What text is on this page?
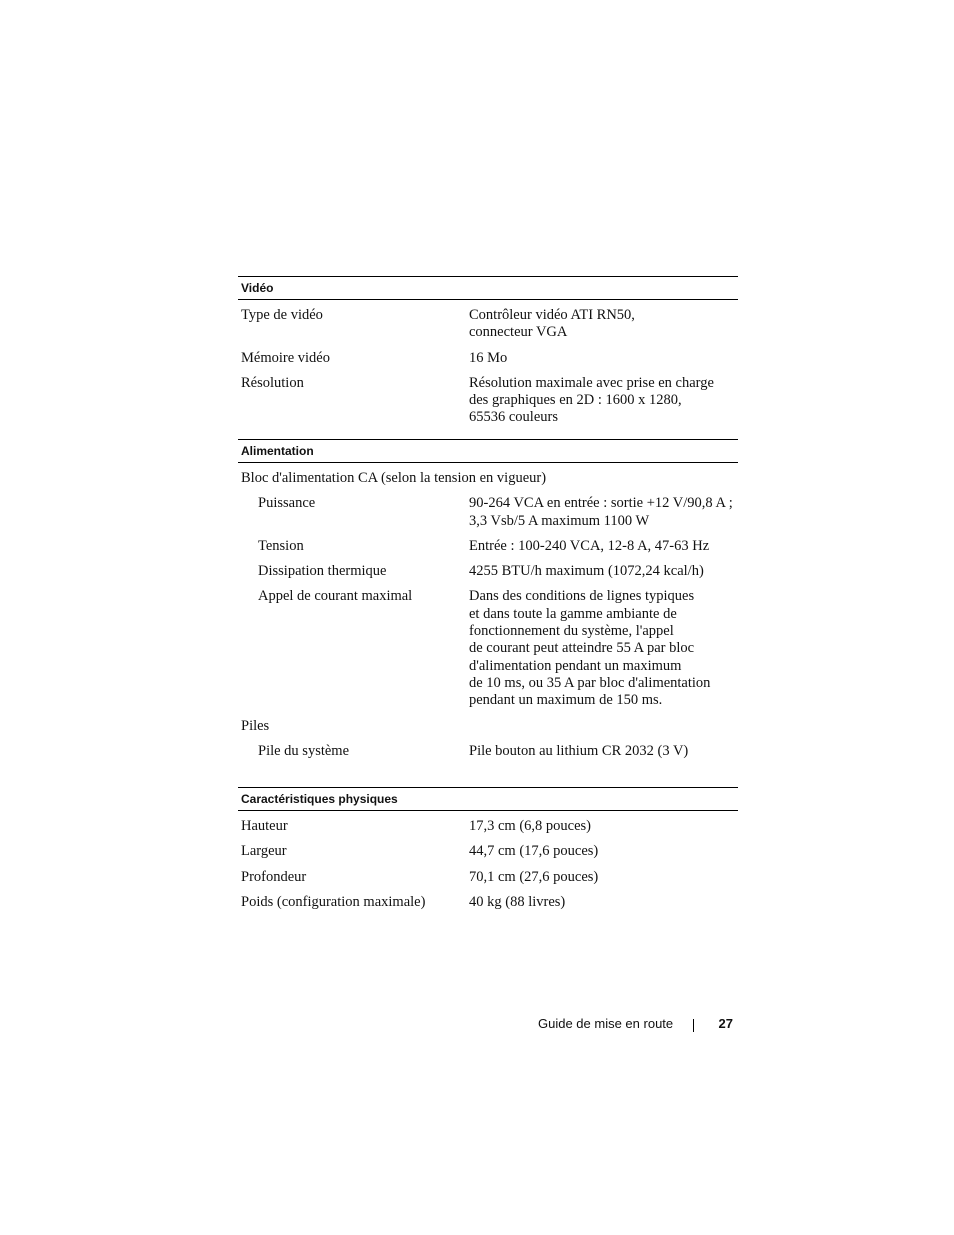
Vidéo
Type de vidéo	Contrôleur vidéo ATI RN50,
connecteur VGA
Mémoire vidéo	16 Mo
Résolution	Résolution maximale avec prise en charge
des graphiques en 2D : 1600 x 1280,
65536 couleurs
Alimentation
Bloc d'alimentation CA (selon la tension en vigueur)
Puissance	90-264 VCA en entrée : sortie +12 V/90,8 A ;
3,3 Vsb/5 A maximum 1100 W
Tension	Entrée : 100-240 VCA, 12-8 A, 47-63 Hz
Dissipation thermique	4255 BTU/h maximum (1072,24 kcal/h)
Appel de courant maximal	Dans des conditions de lignes typiques
et dans toute la gamme ambiante de
fonctionnement du système, l'appel
de courant peut atteindre 55 A par bloc
d'alimentation pendant un maximum
de 10 ms, ou 35 A par bloc d'alimentation
pendant un maximum de 150 ms.
Piles
Pile du système	Pile bouton au lithium CR 2032 (3 V)
Caractéristiques physiques
Hauteur	17,3 cm (6,8 pouces)
Largeur	44,7 cm (17,6 pouces)
Profondeur	70,1 cm (27,6 pouces)
Poids (configuration maximale)	40 kg (88 livres)
Guide de mise en route	27
